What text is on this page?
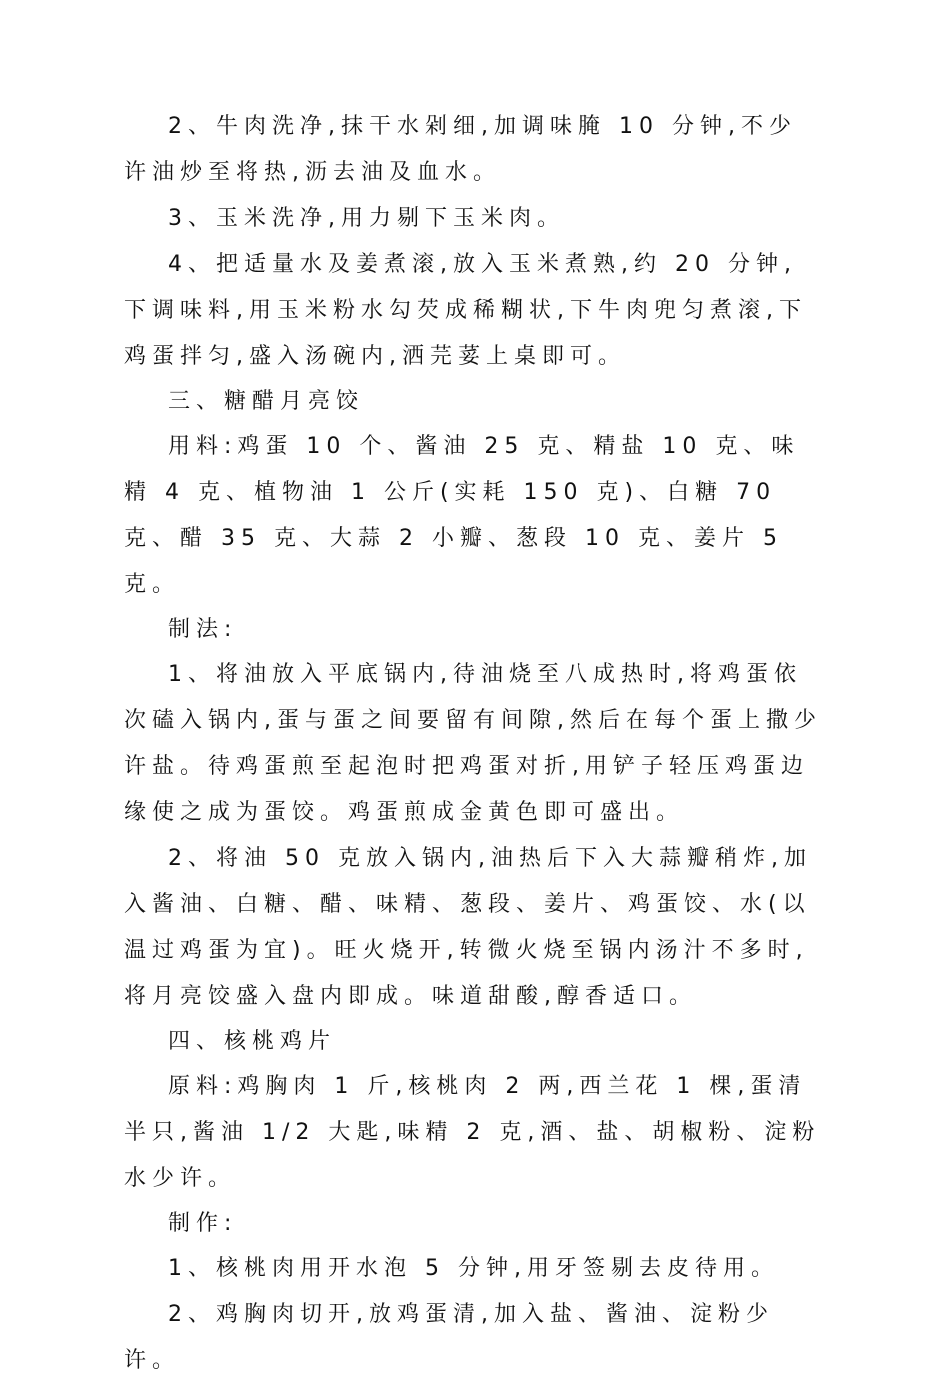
2、牛肉洗净,抹干水剁细,加调味腌 10 分钟,不少许油炒至将热,沥去油及血水。

3、玉米洗净,用力剔下玉米肉。

4、把适量水及姜煮滚,放入玉米煮熟,约 20 分钟,下调味料,用玉米粉水勾芡成稀糊状,下牛肉兜匀煮滚,下鸡蛋拌匀,盛入汤碗内,洒芫荽上桌即可。

三、糖醋月亮饺

用料:鸡蛋 10 个、酱油 25 克、精盐 10 克、味精 4 克、植物油 1 公斤(实耗 150 克)、白糖 70 克、醋 35 克、大蒜 2 小瓣、葱段 10 克、姜片 5 克。

制法:

1、将油放入平底锅内,待油烧至八成热时,将鸡蛋依次磕入锅内,蛋与蛋之间要留有间隙,然后在每个蛋上撒少许盐。待鸡蛋煎至起泡时把鸡蛋对折,用铲子轻压鸡蛋边缘使之成为蛋饺。鸡蛋煎成金黄色即可盛出。

2、将油 50 克放入锅内,油热后下入大蒜瓣稍炸,加入酱油、白糖、醋、味精、葱段、姜片、鸡蛋饺、水(以温过鸡蛋为宜)。旺火烧开,转微火烧至锅内汤汁不多时,将月亮饺盛入盘内即成。味道甜酸,醇香适口。

四、核桃鸡片

原料:鸡胸肉 1 斤,核桃肉 2 两,西兰花 1 棵,蛋清半只,酱油 1/2 大匙,味精 2 克,酒、盐、胡椒粉、淀粉水少许。

制作:

1、核桃肉用开水泡 5 分钟,用牙签剔去皮待用。

2、鸡胸肉切开,放鸡蛋清,加入盐、酱油、淀粉少许。
